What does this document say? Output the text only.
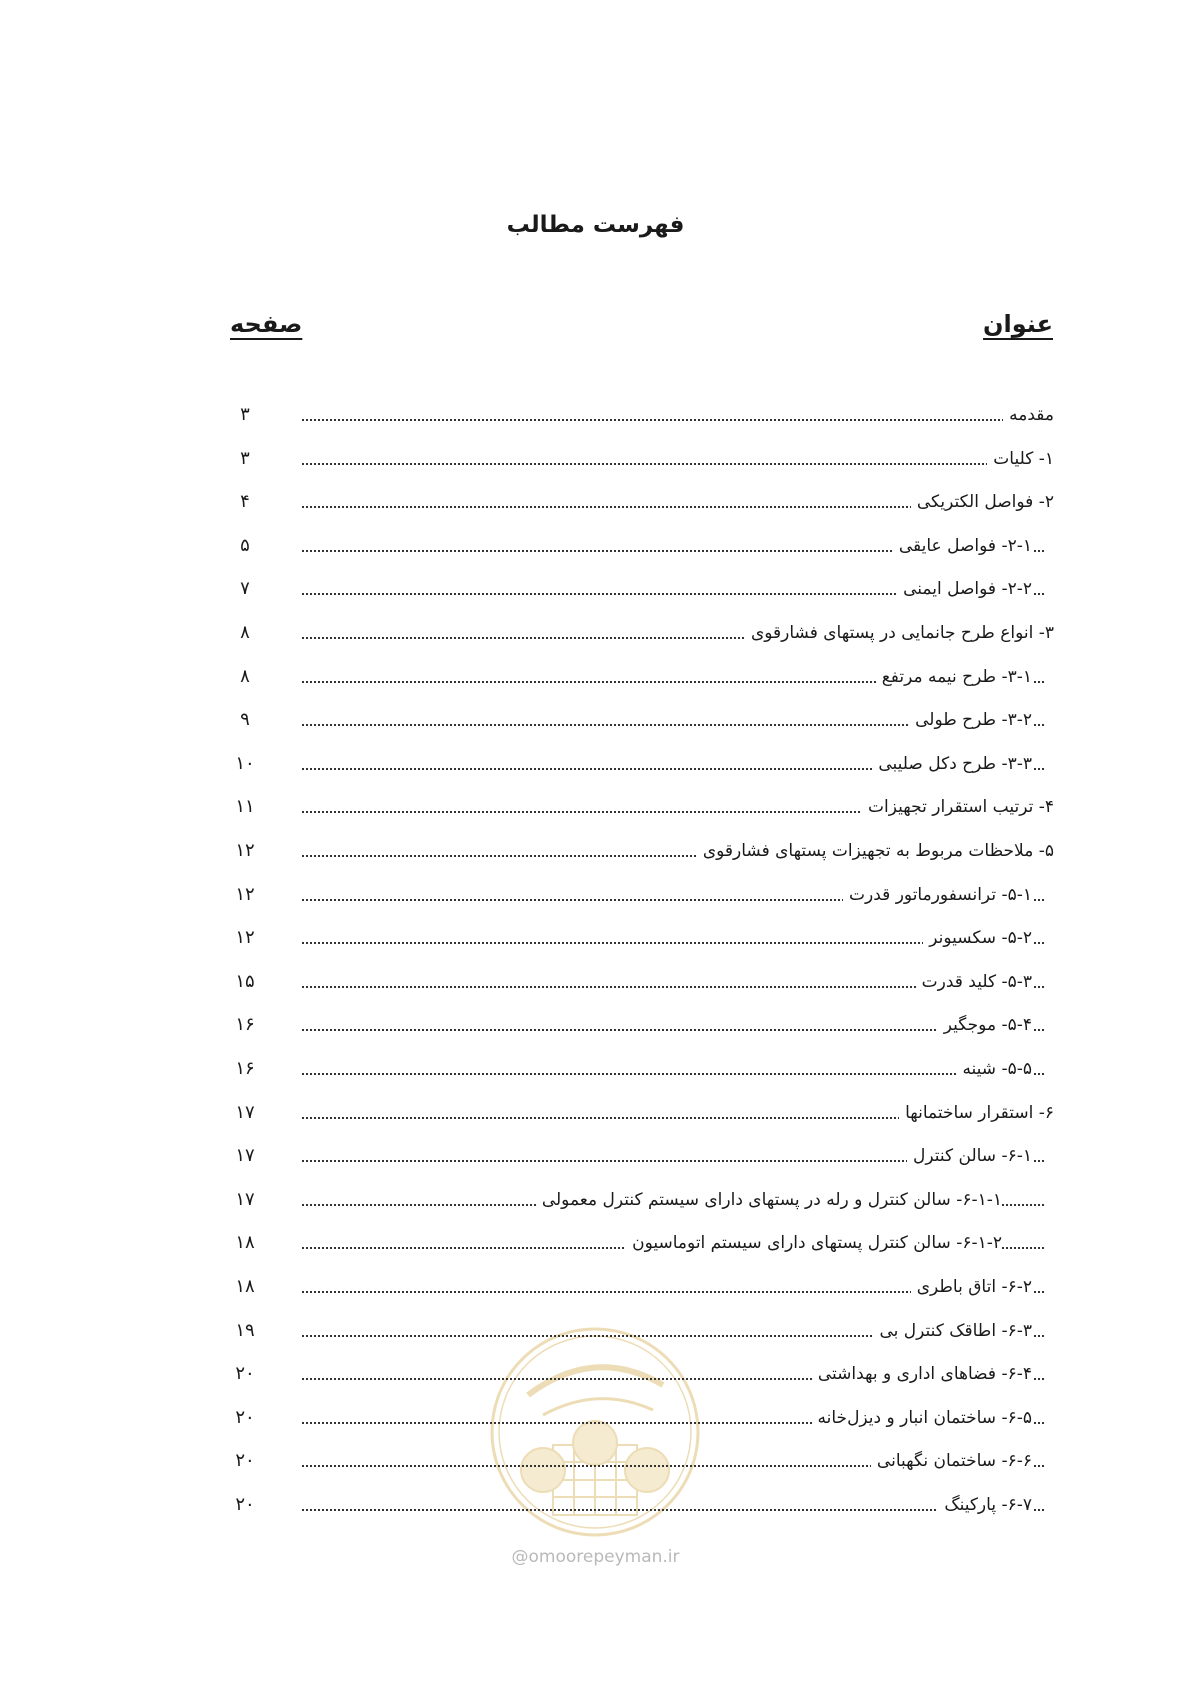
فهرست مطالب
عنوان
صفحه
مقدمه
۳
۱- کلیات
۳
۲- فواصل الکتریکی
۴
۲-۱- فواصل عایقی
۵
۲-۲- فواصل ایمنی
۷
۳- انواع طرح جانمایی در پستهای فشارقوی
۸
۳-۱- طرح نیمه مرتفع
۸
۳-۲- طرح طولی
۹
۳-۳- طرح دکل صلیبی
۱۰
۴- ترتیب استقرار تجهیزات
۱۱
۵- ملاحظات مربوط به تجهیزات پستهای فشارقوی
۱۲
۵-۱- ترانسفورماتور قدرت
۱۲
۵-۲- سکسیونر
۱۲
۵-۳- کلید قدرت
۱۵
۵-۴- موجگیر
۱۶
۵-۵- شینه
۱۶
۶- استقرار ساختمانها
۱۷
۶-۱- سالن کنترل
۱۷
۶-۱-۱- سالن کنترل و رله در پستهای دارای سیستم کنترل معمولی
۱۷
۶-۱-۲- سالن کنترل پستهای دارای سیستم اتوماسیون
۱۸
۶-۲- اتاق باطری
۱۸
۶-۳- اطاقک کنترل بی
۱۹
۶-۴- فضاهای اداری و بهداشتی
۲۰
۶-۵- ساختمان انبار و دیزل‌خانه
۲۰
۶-۶- ساختمان نگهبانی
۲۰
۶-۷- پارکینگ
۲۰
@omoorepeyman.ir
